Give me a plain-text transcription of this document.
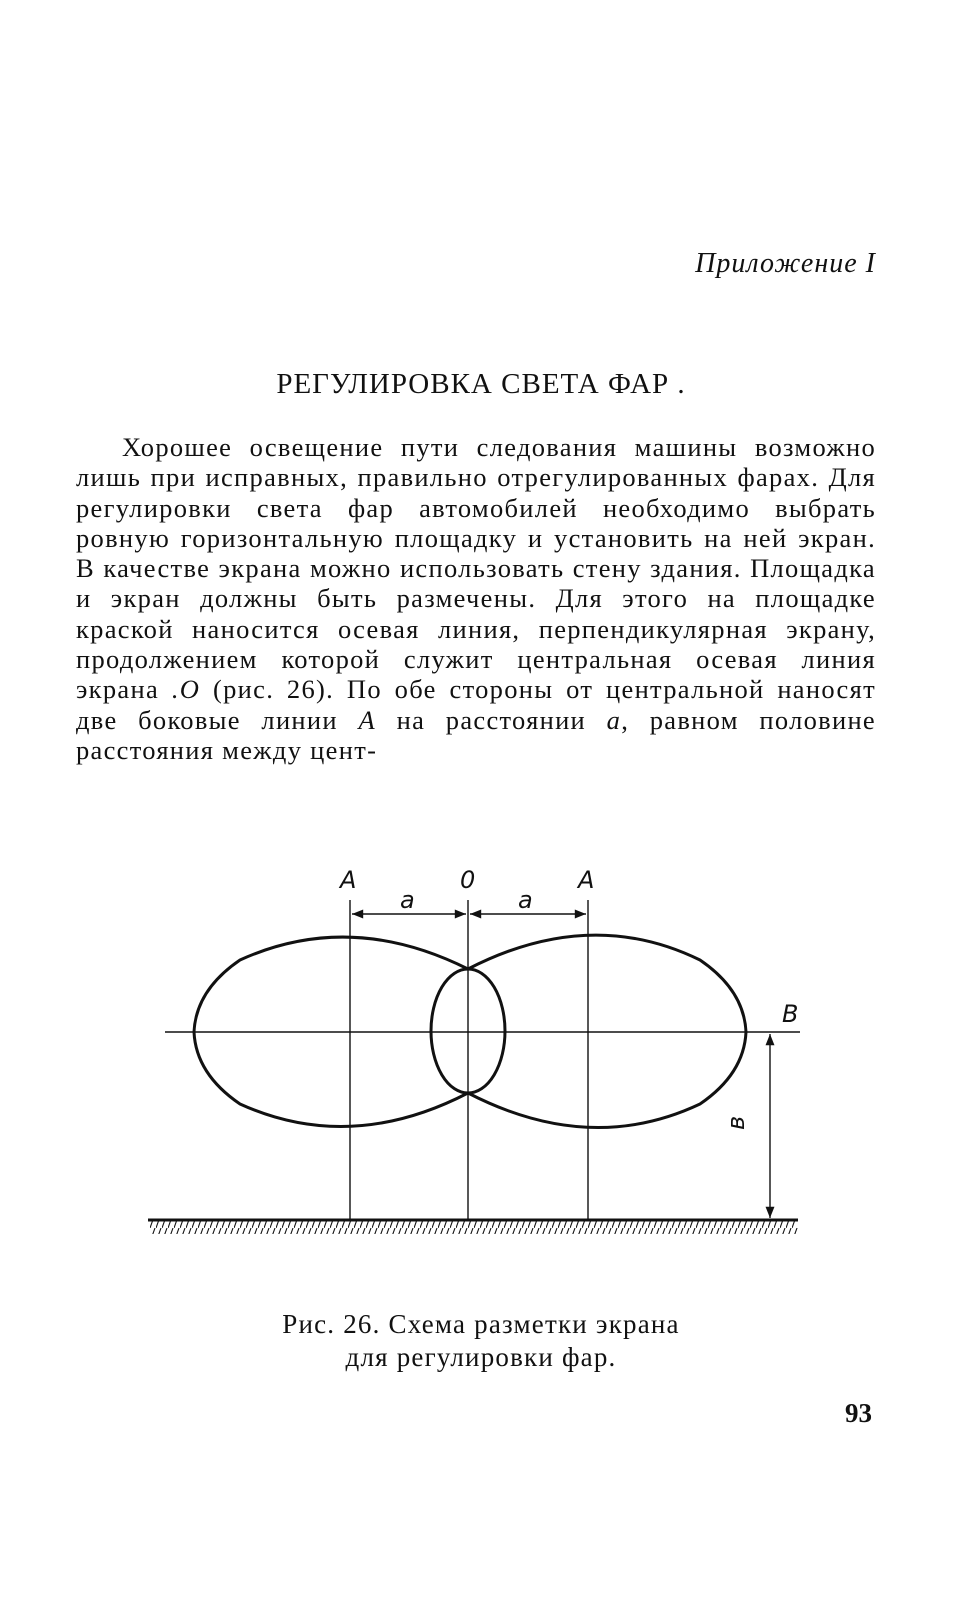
Приложение I
РЕГУЛИРОВКА СВЕТА ФАР .

Хорошее освещение пути следования машины возможно лишь при исправных, правильно отрегулированных фарах. Для регулировки света фар автомобилей необходимо выбрать ровную горизонтальную площадку и установить на ней экран. В качестве экрана можно использовать стену здания. Площадка и экран должны быть размечены. Для этого на площадке краской наносится осевая линия, перпендикулярная экрану, продолжением которой служит центральная осевая линия экрана .O (рис. 26). По обе стороны от центральной наносят две боковые линии A на расстоянии a, равном половине расстояния между цент-

A	0	A
a	a
B
в
Рис. 26. Схема разметки экрана
для регулировки фар.
93
